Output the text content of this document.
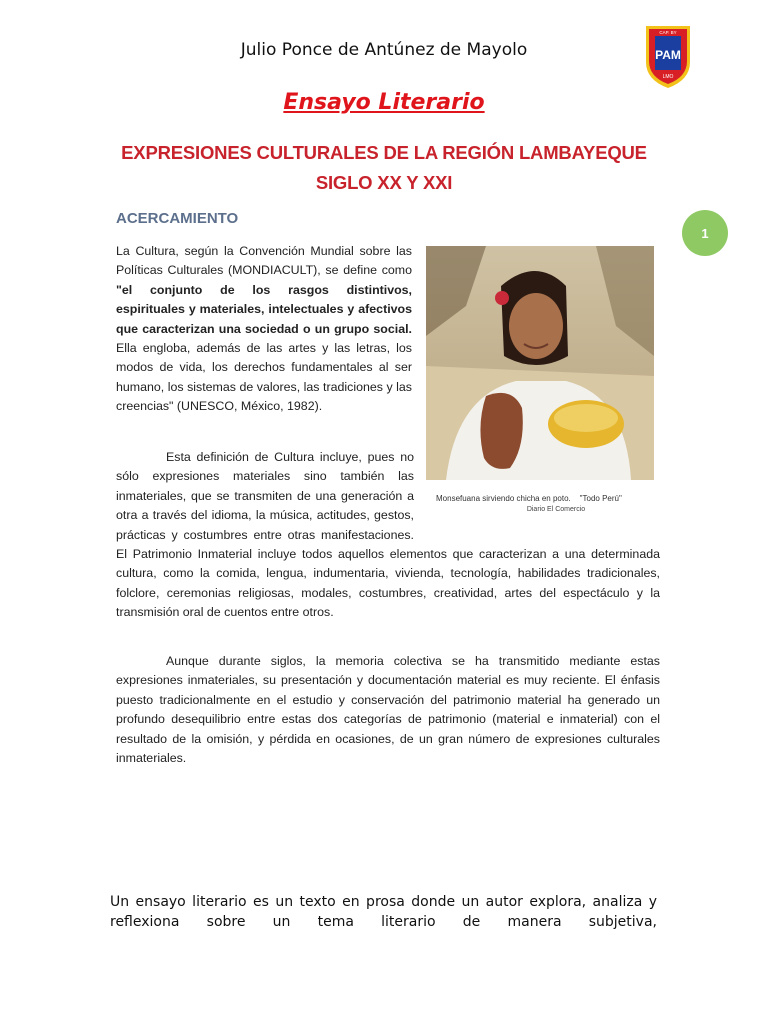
Julio Ponce de Antúnez de Mayolo	PAM
CAP. BY
LMO
Ensayo Literario
EXPRESIONES CULTURALES DE LA REGIÓN LAMBAYEQUE
SIGLO XX Y XXI
ACERCAMIENTO
La Cultura, según la Convención Mundial sobre las Políticas Culturales (MONDIACULT), se define como "el conjunto de los rasgos distintivos, espirituales y materiales, intelectuales y afectivos que caracterizan una sociedad o un grupo social. Ella engloba, además de las artes y las letras, los modos de vida, los derechos fundamentales al ser humano, los sistemas de valores, las tradiciones y las creencias" (UNESCO, México, 1982).
Monsefuana sirviendo chicha en poto. "Todo Perú"
Diario El Comercio
Esta definición de Cultura incluye, pues no sólo expresiones materiales sino también las inmateriales, que se transmiten de una generación a otra a través del idioma, la música, actitudes, gestos, prácticas y costumbres entre otras manifestaciones. El Patrimonio Inmaterial incluye todos aquellos elementos que caracterizan a una determinada cultura, como la comida, lengua, indumentaria, vivienda, tecnología, habilidades tradicionales, folclore, ceremonias religiosas, modales, costumbres, creatividad, artes del espectáculo y la transmisión oral de cuentos entre otros.
Aunque durante siglos, la memoria colectiva se ha transmitido mediante estas expresiones inmateriales, su presentación y documentación material es muy reciente. El énfasis puesto tradicionalmente en el estudio y conservación del patrimonio material ha generado un profundo desequilibrio entre estas dos categorías de patrimonio (material e inmaterial) con el resultado de la omisión, y pérdida en ocasiones, de un gran número de expresiones culturales inmateriales.
1
Un ensayo literario es un texto en prosa donde un autor explora, analiza y reflexiona sobre un tema literario de manera subjetiva,
